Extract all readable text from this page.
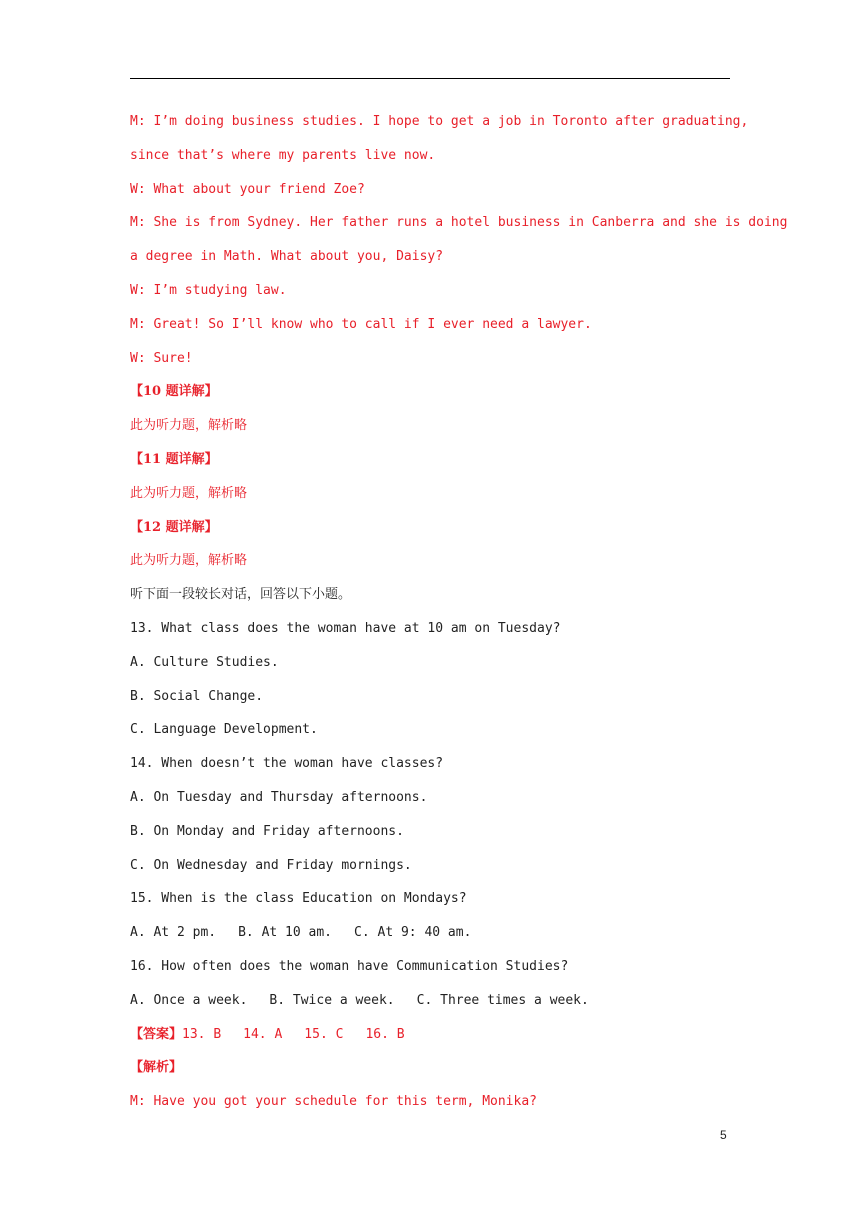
M: I’m doing business studies. I hope to get a job in Toronto after graduating,
since that’s where my parents live now.
W: What about your friend Zoe?
M: She is from Sydney. Her father runs a hotel business in Canberra and she is doing
a degree in Math. What about you, Daisy?
W: I’m studying law.
M: Great! So I’ll know who to call if I ever need a lawyer.
W: Sure!
【10 题详解】
此为听力题，解析略
【11 题详解】
此为听力题，解析略
【12 题详解】
此为听力题，解析略
听下面一段较长对话，回答以下小题。
13. What class does the woman have at 10 am on Tuesday?
A. Culture Studies.
B. Social Change.
C. Language Development.
14. When doesn’t the woman have classes?
A. On Tuesday and Thursday afternoons.
B. On Monday and Friday afternoons.
C. On Wednesday and Friday mornings.
15. When is the class Education on Mondays?
A. At 2 pm. B. At 10 am. C. At 9: 40 am.
16. How often does the woman have Communication Studies?
A. Once a week. B. Twice a week. C. Three times a week.
【答案】13. B 14. A 15. C 16. B
【解析】
M: Have you got your schedule for this term, Monika?
5
